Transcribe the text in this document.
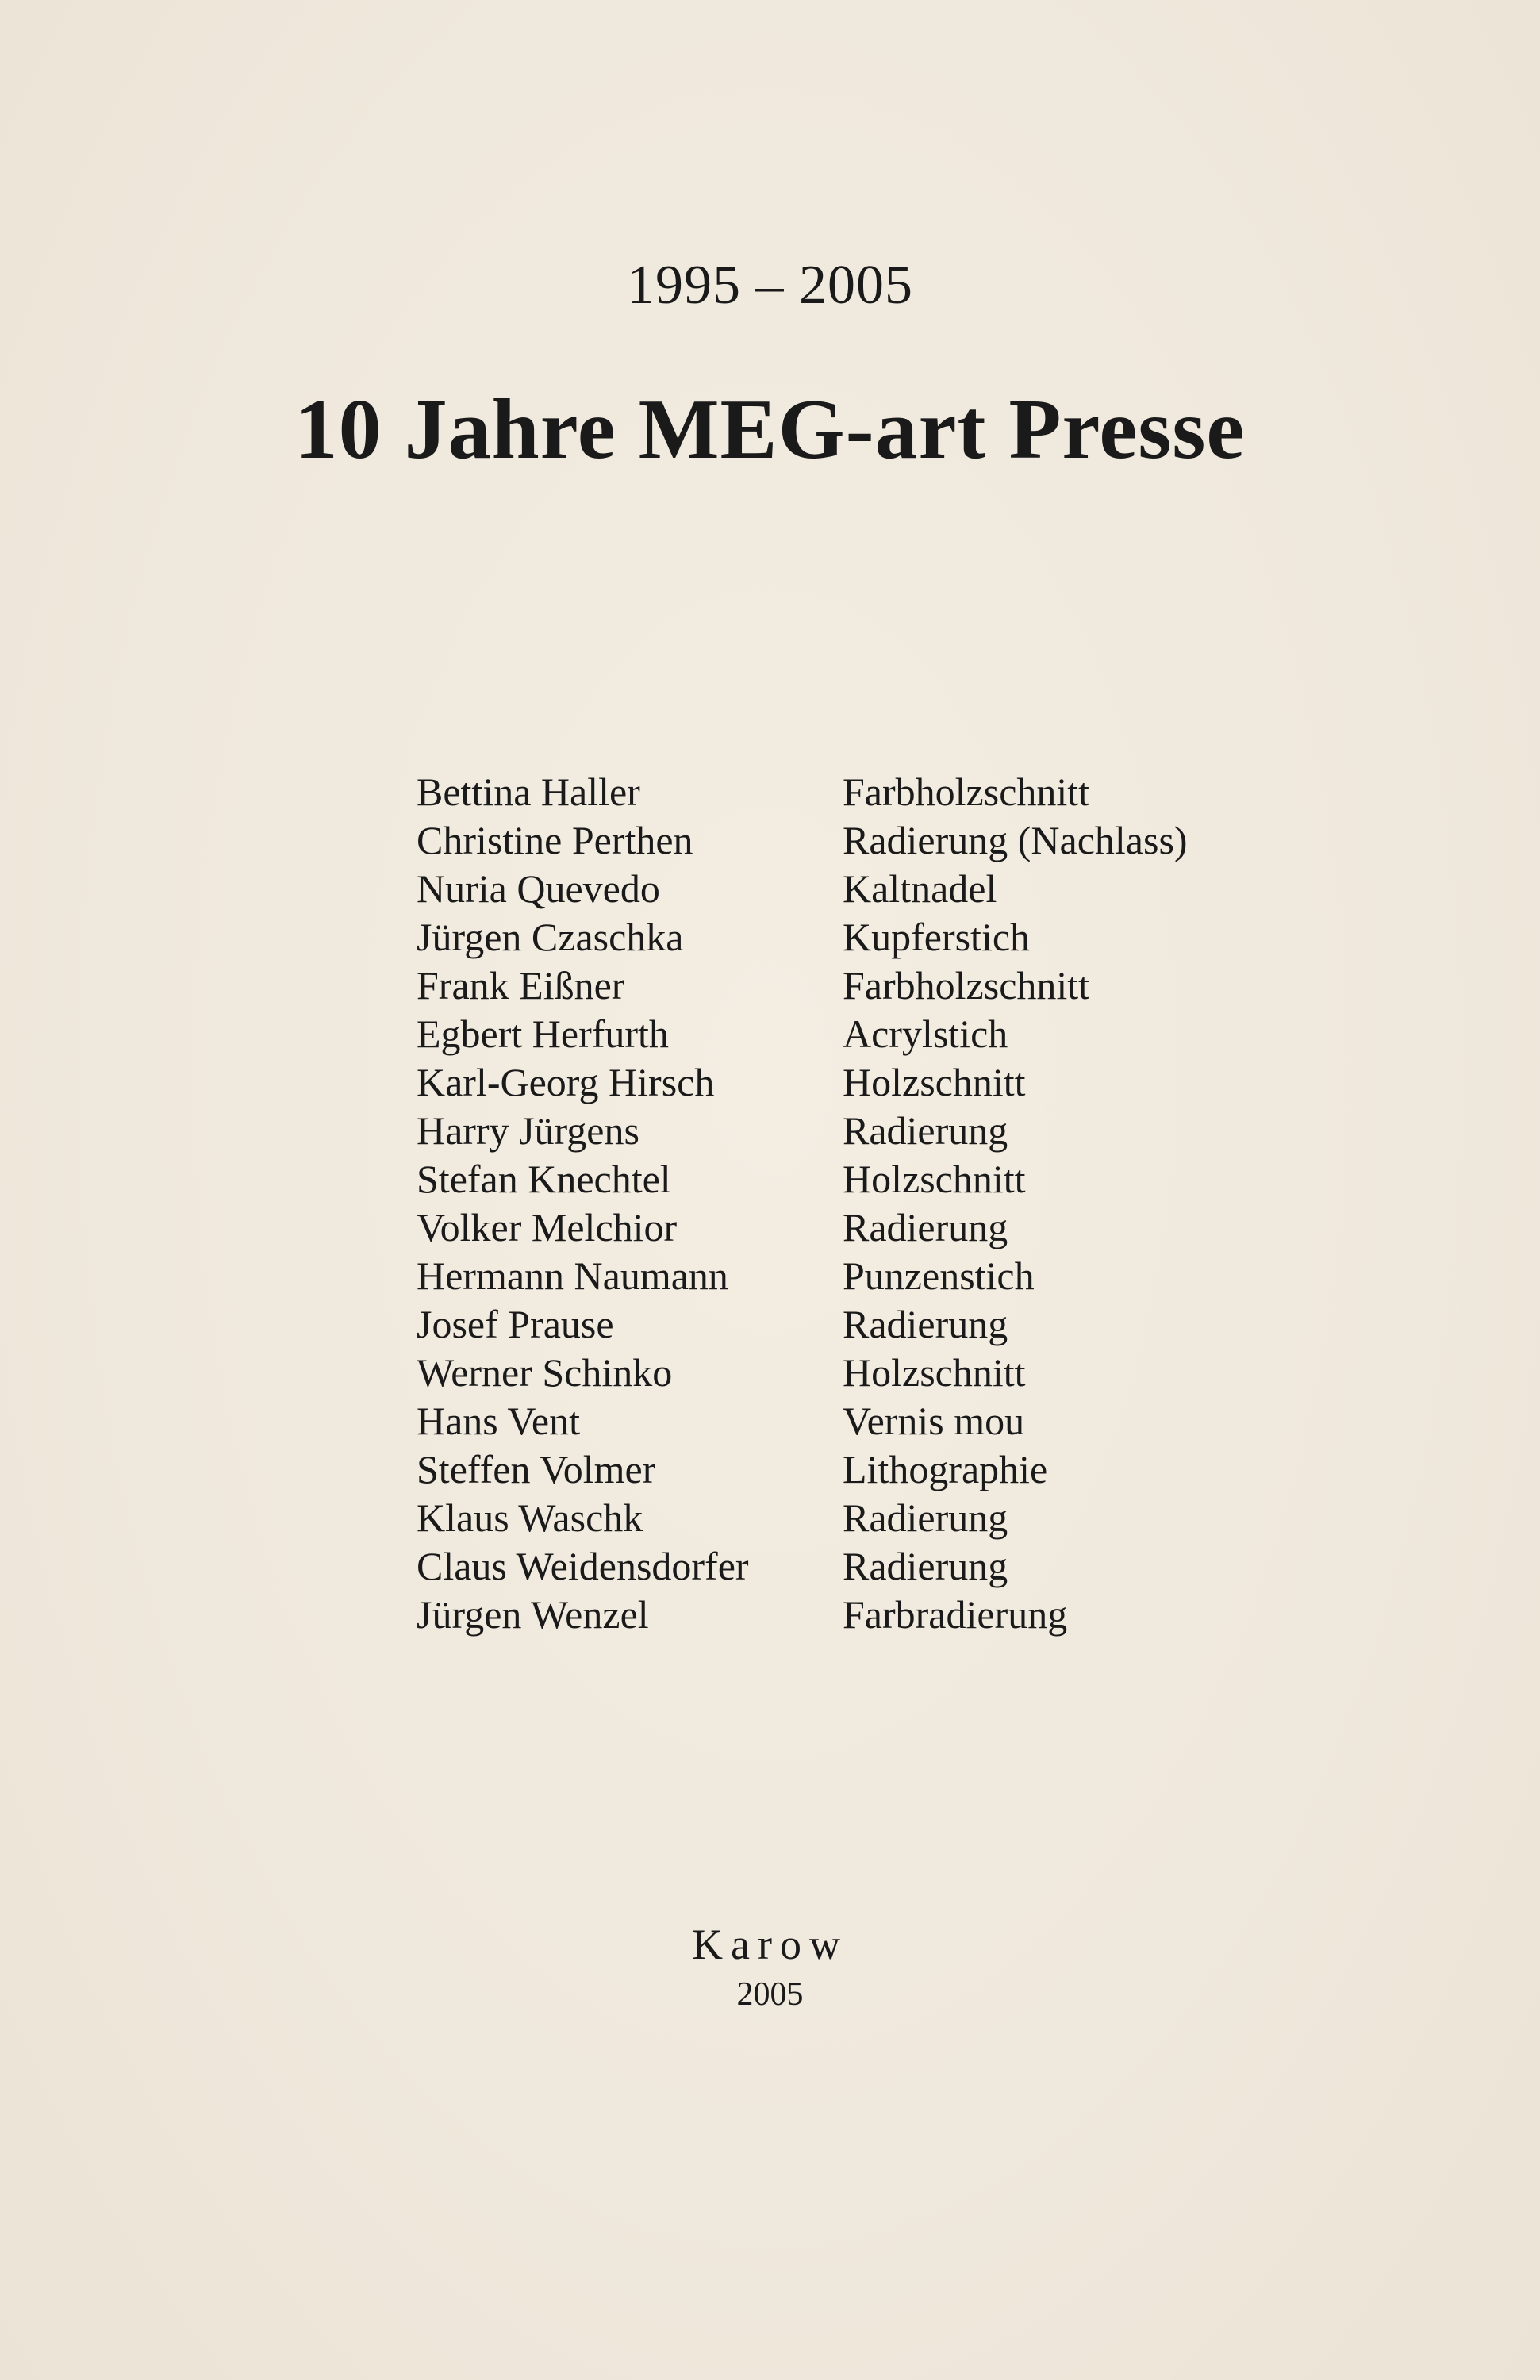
1995 – 2005
10 Jahre MEG-art Presse
Bettina Haller	Farbholzschnitt
Christine Perthen	Radierung (Nachlass)
Nuria Quevedo	Kaltnadel
Jürgen Czaschka	Kupferstich
Frank Eißner	Farbholzschnitt
Egbert Herfurth	Acrylstich
Karl-Georg Hirsch	Holzschnitt
Harry Jürgens	Radierung
Stefan Knechtel	Holzschnitt
Volker Melchior	Radierung
Hermann Naumann	Punzenstich
Josef Prause	Radierung
Werner Schinko	Holzschnitt
Hans Vent	Vernis mou
Steffen Volmer	Lithographie
Klaus Waschk	Radierung
Claus Weidensdorfer	Radierung
Jürgen Wenzel	Farbradierung

Karow

2005
